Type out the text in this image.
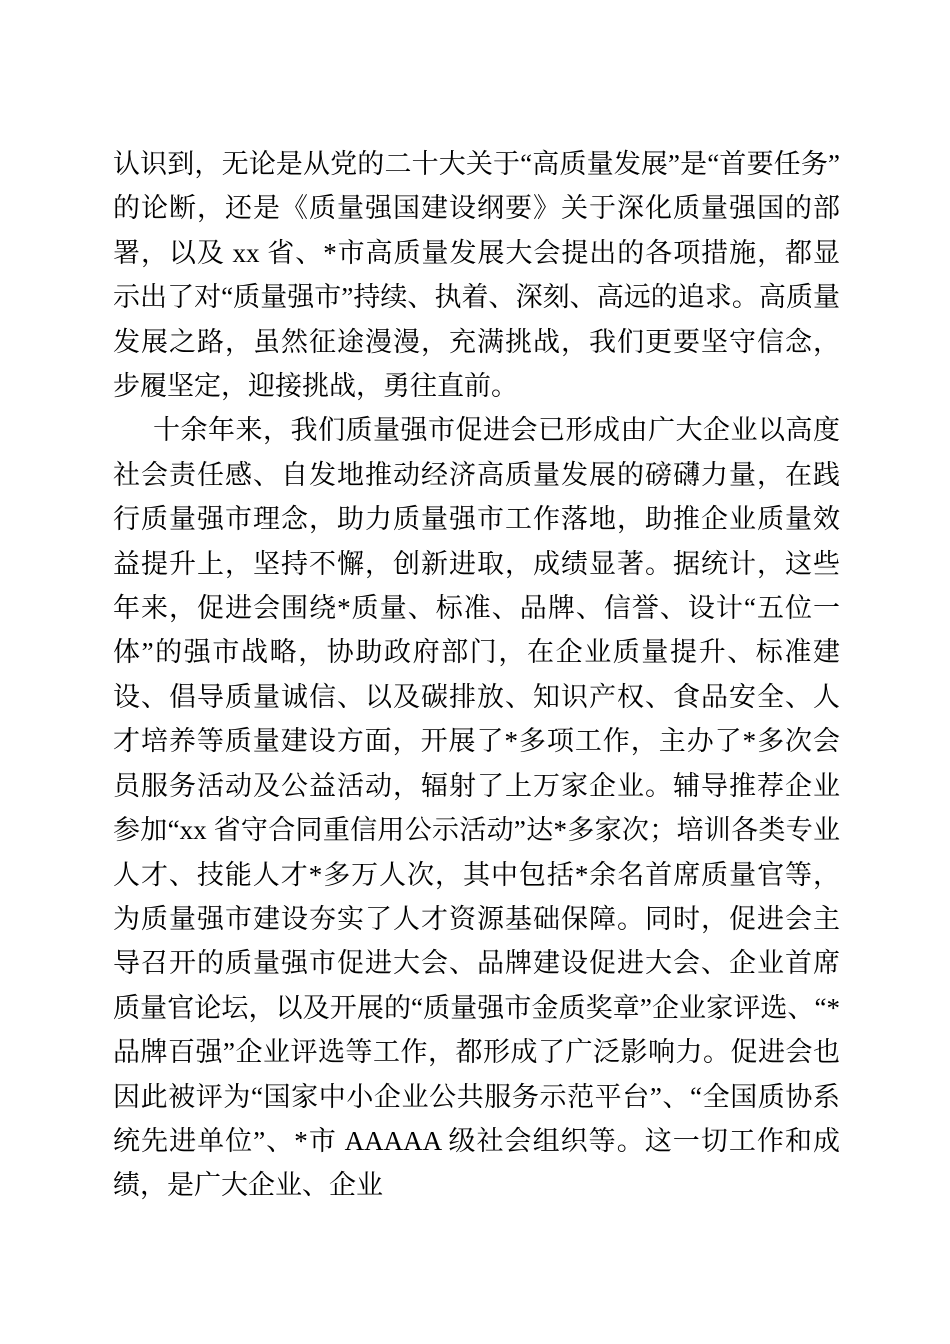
认识到，无论是从党的二十大关于“高质量发展”是“首要任务”的论断，还是《质量强国建设纲要》关于深化质量强国的部署，以及 xx 省、*市高质量发展大会提出的各项措施，都显示出了对“质量强市”持续、执着、深刻、高远的追求。高质量发展之路，虽然征途漫漫，充满挑战，我们更要坚守信念，步履坚定，迎接挑战，勇往直前。

十余年来，我们质量强市促进会已形成由广大企业以高度社会责任感、自发地推动经济高质量发展的磅礴力量，在践行质量强市理念，助力质量强市工作落地，助推企业质量效益提升上，坚持不懈，创新进取，成绩显著。据统计，这些年来，促进会围绕*质量、标准、品牌、信誉、设计“五位一体”的强市战略，协助政府部门，在企业质量提升、标准建设、倡导质量诚信、以及碳排放、知识产权、食品安全、人才培养等质量建设方面，开展了*多项工作，主办了*多次会员服务活动及公益活动，辐射了上万家企业。辅导推荐企业参加“xx 省守合同重信用公示活动”达*多家次；培训各类专业人才、技能人才*多万人次，其中包括*余名首席质量官等，为质量强市建设夯实了人才资源基础保障。同时，促进会主导召开的质量强市促进大会、品牌建设促进大会、企业首席质量官论坛，以及开展的“质量强市金质奖章”企业家评选、“*品牌百强”企业评选等工作，都形成了广泛影响力。促进会也因此被评为“国家中小企业公共服务示范平台”、“全国质协系统先进单位”、*市 AAAAA 级社会组织等。这一切工作和成绩，是广大企业、企业
